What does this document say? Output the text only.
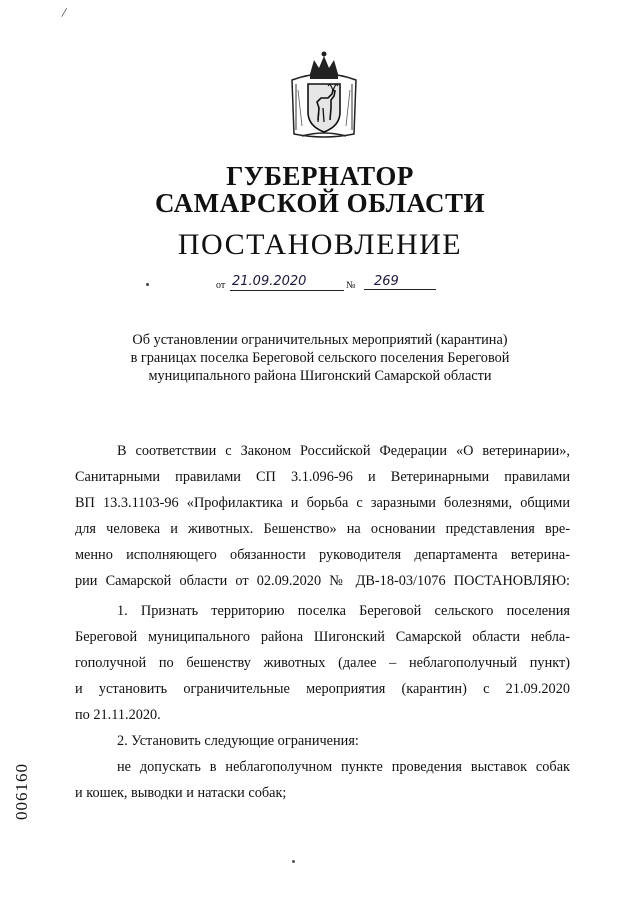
/
ГУБЕРНАТОР
САМАРСКОЙ ОБЛАСТИ
ПОСТАНОВЛЕНИЕ
от 21.09.2020	№	269
Об установлении ограничительных мероприятий (карантина)
в границах поселка Береговой сельского поселения Береговой
муниципального района Шигонский Самарской области
В соответствии с Законом Российской Федерации «О ветеринарии»,
Санитарными правилами СП 3.1.096-96 и Ветеринарными правилами
ВП 13.3.1103-96 «Профилактика и борьба с заразными болезнями, общими
для человека и животных. Бешенство» на основании представления вре-
менно исполняющего обязанности руководителя департамента ветерина-
рии Самарской области от 02.09.2020 № ДВ-18-03/1076 ПОСТАНОВЛЯЮ:
1. Признать территорию поселка Береговой сельского поселения
Береговой муниципального района Шигонский Самарской области небла-
гополучной по бешенству животных (далее – неблагополучный пункт)
и установить ограничительные мероприятия (карантин) с 21.09.2020
по 21.11.2020.
2. Установить следующие ограничения:
не допускать в неблагополучном пункте проведения выставок собак
и кошек, выводки и натаски собак;
006160
